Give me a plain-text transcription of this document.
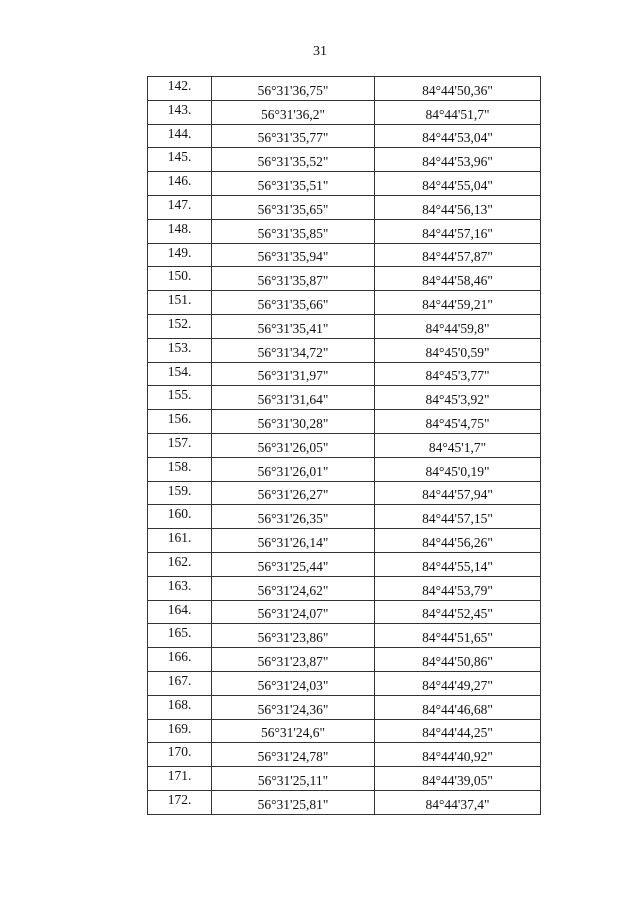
31
142.	56°31'36,75"	84°44'50,36"
143.	56°31'36,2"	84°44'51,7"
144.	56°31'35,77"	84°44'53,04"
145.	56°31'35,52"	84°44'53,96"
146.	56°31'35,51"	84°44'55,04"
147.	56°31'35,65"	84°44'56,13"
148.	56°31'35,85"	84°44'57,16"
149.	56°31'35,94"	84°44'57,87"
150.	56°31'35,87"	84°44'58,46"
151.	56°31'35,66"	84°44'59,21"
152.	56°31'35,41"	84°44'59,8"
153.	56°31'34,72"	84°45'0,59"
154.	56°31'31,97"	84°45'3,77"
155.	56°31'31,64"	84°45'3,92"
156.	56°31'30,28"	84°45'4,75"
157.	56°31'26,05"	84°45'1,7"
158.	56°31'26,01"	84°45'0,19"
159.	56°31'26,27"	84°44'57,94"
160.	56°31'26,35"	84°44'57,15"
161.	56°31'26,14"	84°44'56,26"
162.	56°31'25,44"	84°44'55,14"
163.	56°31'24,62"	84°44'53,79"
164.	56°31'24,07"	84°44'52,45"
165.	56°31'23,86"	84°44'51,65"
166.	56°31'23,87"	84°44'50,86"
167.	56°31'24,03"	84°44'49,27"
168.	56°31'24,36"	84°44'46,68"
169.	56°31'24,6"	84°44'44,25"
170.	56°31'24,78"	84°44'40,92"
171.	56°31'25,11"	84°44'39,05"
172.	56°31'25,81"	84°44'37,4"
